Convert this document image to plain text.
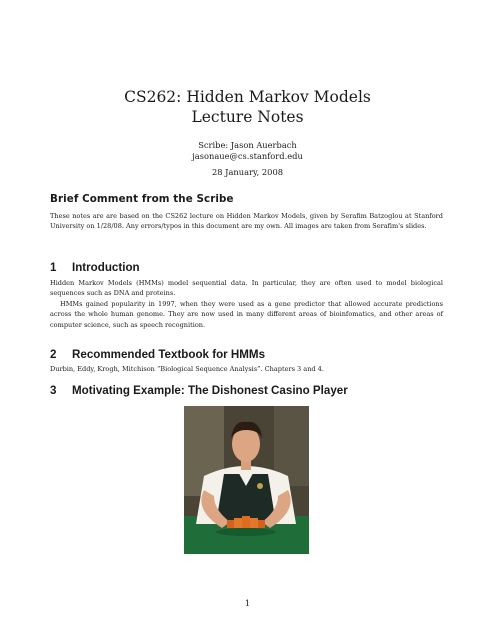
CS262: Hidden Markov Models
Lecture Notes
Scribe: Jason Auerbach
jasonaue@cs.stanford.edu
28 January, 2008
Brief Comment from the Scribe

These notes are are based on the CS262 lecture on Hidden Markov Models, given by Serafim Batzoglou at Stanford University on 1/28/08. Any errors/typos in this document are my own. All images are taken from Serafim's slides.

1 Introduction

Hidden Markov Models (HMMs) model sequential data. In particular, they are often used to model biological sequences such as DNA and proteins.

HMMs gained popularity in 1997, when they were used as a gene predictor that allowed accurate predictions across the whole human genome. They are now used in many different areas of bioinfomatics, and other areas of computer science, such as speech recognition.

2 Recommended Textbook for HMMs

Durbin, Eddy, Krogh, Mitchison “Biological Sequence Analysis”. Chapters 3 and 4.

3 Motivating Example: The Dishonest Casino Player
1
